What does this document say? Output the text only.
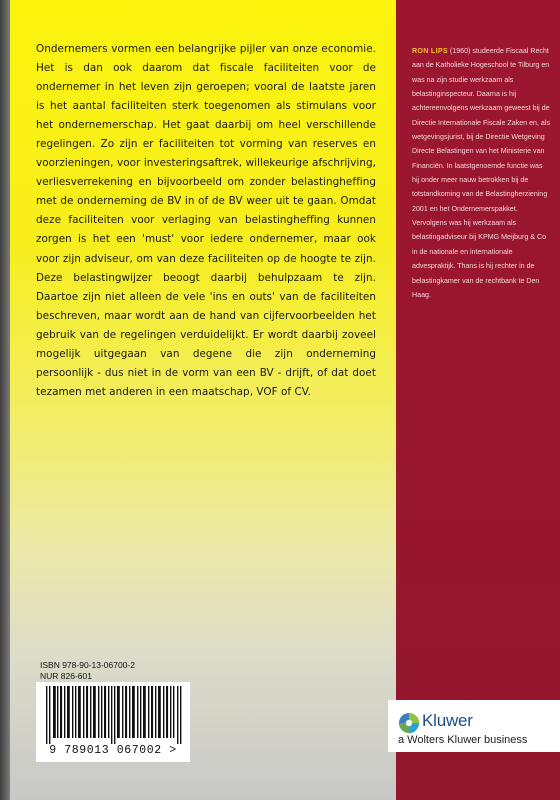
Ondernemers vormen een belangrijke pijler van onze economie. Het is dan ook daarom dat fiscale faciliteiten voor de ondernemer in het leven zijn geroepen; vooral de laatste jaren is het aantal faciliteiten sterk toegenomen als stimulans voor het ondernemerschap. Het gaat daarbij om heel verschillende regelingen. Zo zijn er faciliteiten tot vorming van reserves en voorzieningen, voor investeringsaftrek, willekeurige afschrijving, verliesverrekening en bijvoorbeeld om zonder belastingheffing met de onderneming de BV in of de BV weer uit te gaan. Omdat deze faciliteiten voor verlaging van belastingheffing kunnen zorgen is het een 'must' voor iedere ondernemer, maar ook voor zijn adviseur, om van deze faciliteiten op de hoogte te zijn. Deze belastingwijzer beoogt daarbij behulpzaam te zijn. Daartoe zijn niet alleen de vele 'ins en outs' van de faciliteiten beschreven, maar wordt aan de hand van cijfervoorbeelden het gebruik van de regelingen verduidelijkt. Er wordt daarbij zoveel mogelijk uitgegaan van degene die zijn onderneming persoonlijk - dus niet in de vorm van een BV - drijft, of dat doet tezamen met anderen in een maatschap, VOF of CV.

RON LIPS (1960) studeerde Fiscaal Recht aan de Katholieke Hogeschool te Tilburg en was na zijn studie werkzaam als belastinginspecteur. Daarna is hij achtereenvolgens werkzaam geweest bij de Directie Internationale Fiscale Zaken en, als wetgevingsjurist, bij de Directie Wetgeving Directe Belastingen van het Ministerie van Financiën. In laatstgenoemde functie was hij onder meer nauw betrokken bij de totstandkoming van de Belastingherziening 2001 en het Ondernemerspakket. Vervolgens was hij werkzaam als belastingadviseur bij KPMG Meijburg & Co in de nationale en internationale advespraktijk. Thans is hij rechter in de belastingkamer van de rechtbank te Den Haag.

ISBN 978-90-13-06700-2
NUR 826-601
9 789013 067002 >
Kluwer
a Wolters Kluwer business
